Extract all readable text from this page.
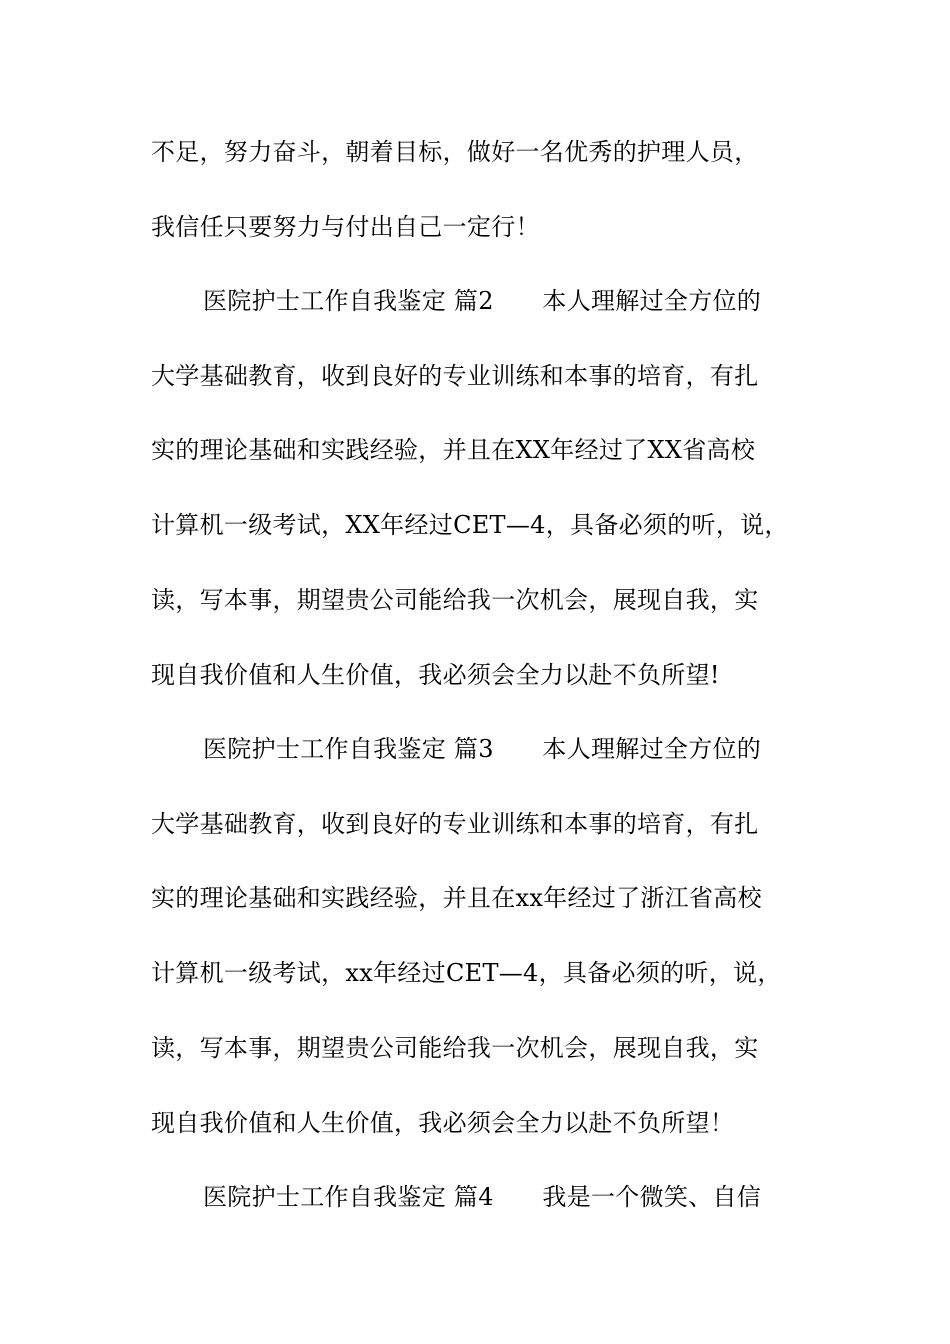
不足，努力奋斗，朝着目标，做好一名优秀的护理人员，
我信任只要努力与付出自己一定行！
医院护士工作自我鉴定 篇2　　本人理解过全方位的
大学基础教育，收到良好的专业训练和本事的培育，有扎
实的理论基础和实践经验，并且在XX年经过了XX省高校
计算机一级考试，XX年经过CET—4，具备必须的听，说，
读，写本事，期望贵公司能给我一次机会，展现自我，实
现自我价值和人生价值，我必须会全力以赴不负所望!
医院护士工作自我鉴定 篇3　　本人理解过全方位的
大学基础教育，收到良好的专业训练和本事的培育，有扎
实的理论基础和实践经验，并且在xx年经过了浙江省高校
计算机一级考试，xx年经过CET—4，具备必须的听，说，
读，写本事，期望贵公司能给我一次机会，展现自我，实
现自我价值和人生价值，我必须会全力以赴不负所望！
医院护士工作自我鉴定 篇4　　我是一个微笑、自信
